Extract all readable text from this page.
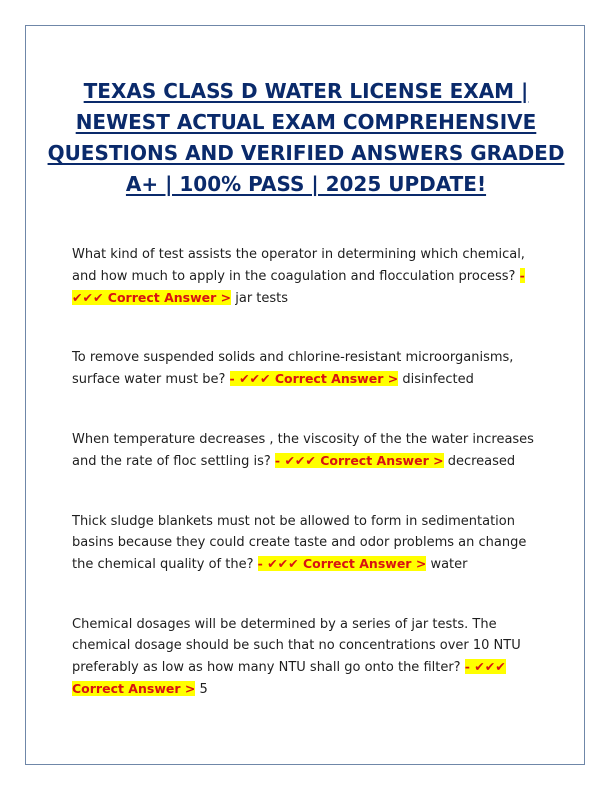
TEXAS CLASS D WATER LICENSE EXAM | NEWEST ACTUAL EXAM COMPREHENSIVE QUESTIONS AND VERIFIED ANSWERS GRADED A+ | 100% PASS | 2025 UPDATE!

What kind of test assists the operator in determining which chemical, and how much to apply in the coagulation and flocculation process? - ✔✔✔ Correct Answer > jar tests

To remove suspended solids and chlorine-resistant microorganisms, surface water must be? - ✔✔✔ Correct Answer > disinfected

When temperature decreases , the viscosity of the the water increases and the rate of floc settling is? - ✔✔✔ Correct Answer > decreased

Thick sludge blankets must not be allowed to form in sedimentation basins because they could create taste and odor problems an change the chemical quality of the? - ✔✔✔ Correct Answer > water

Chemical dosages will be determined by a series of jar tests. The chemical dosage should be such that no concentrations over 10 NTU preferably as low as how many NTU shall go onto the filter? - ✔✔✔ Correct Answer > 5
